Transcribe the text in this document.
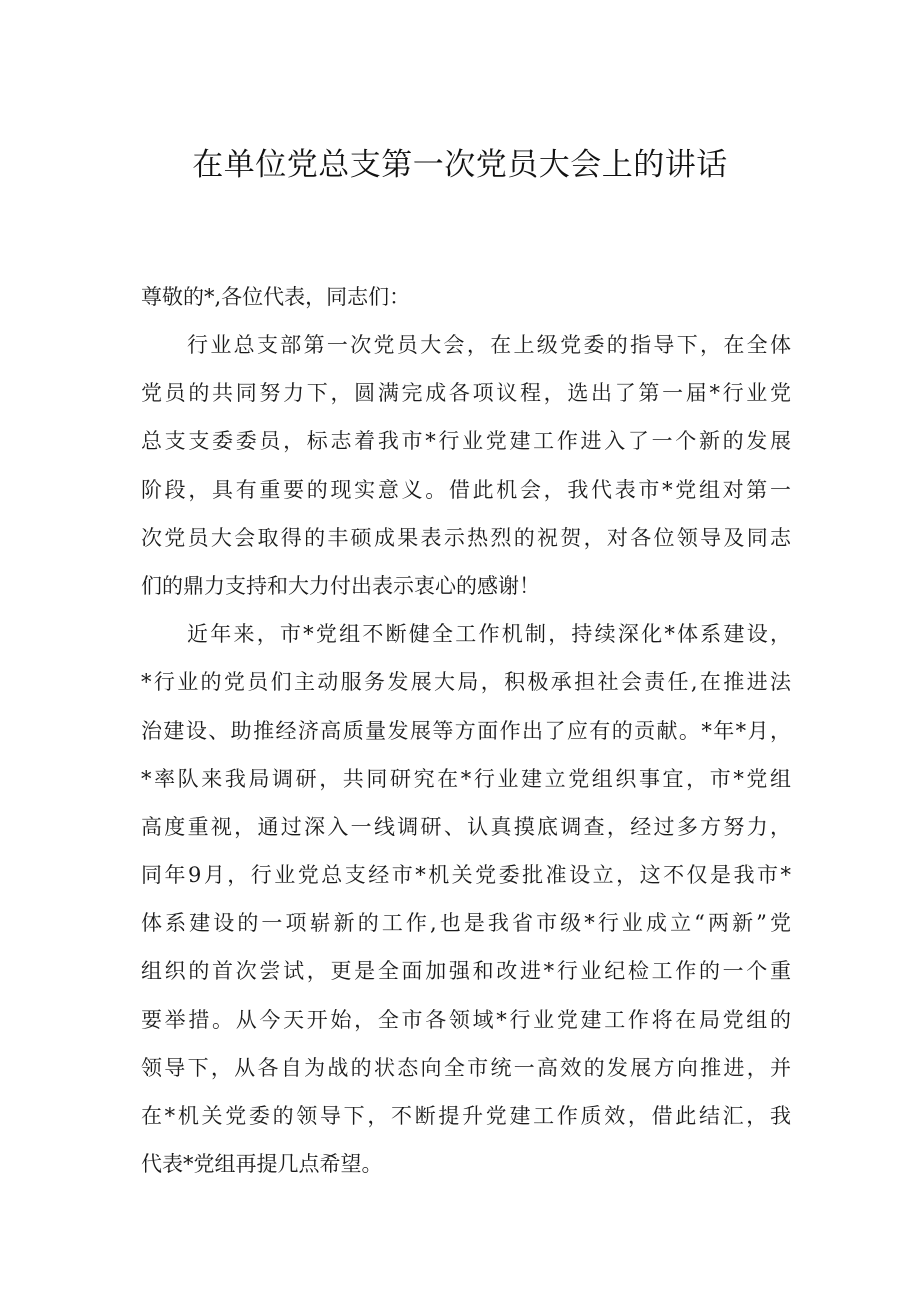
在单位党总支第一次党员大会上的讲话

尊敬的*,各位代表，同志们：

行业总支部第一次党员大会，在上级党委的指导下，在全体
党员的共同努力下，圆满完成各项议程，选出了第一届*行业党
总支支委委员，标志着我市*行业党建工作进入了一个新的发展
阶段，具有重要的现实意义。借此机会，我代表市*党组对第一
次党员大会取得的丰硕成果表示热烈的祝贺，对各位领导及同志
们的鼎力支持和大力付出表示衷心的感谢！
近年来，市*党组不断健全工作机制，持续深化*体系建设，
*行业的党员们主动服务发展大局，积极承担社会责任,在推进法
治建设、助推经济高质量发展等方面作出了应有的贡献。*年*月，
*率队来我局调研，共同研究在*行业建立党组织事宜，市*党组
高度重视，通过深入一线调研、认真摸底调查，经过多方努力，
同年9月，行业党总支经市*机关党委批准设立，这不仅是我市*
体系建设的一项崭新的工作,也是我省市级*行业成立“两新”党
组织的首次尝试，更是全面加强和改进*行业纪检工作的一个重
要举措。从今天开始，全市各领域*行业党建工作将在局党组的
领导下，从各自为战的状态向全市统一高效的发展方向推进，并
在*机关党委的领导下，不断提升党建工作质效，借此结汇，我
代表*党组再提几点希望。
